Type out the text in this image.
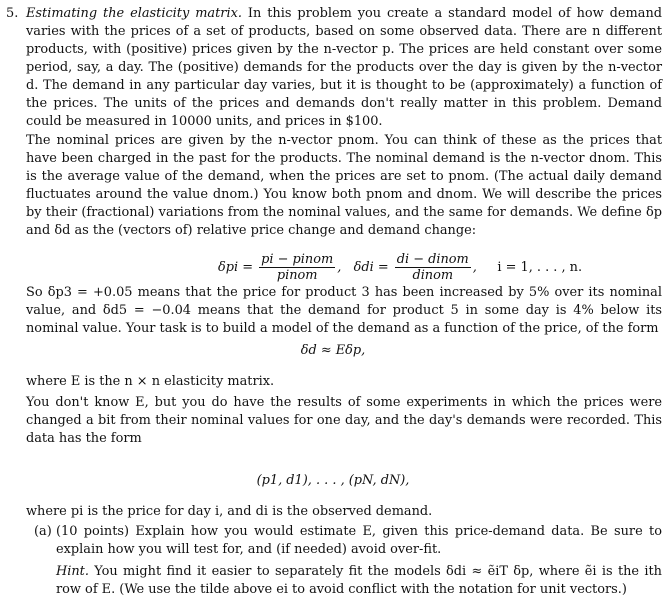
5. Estimating the elasticity matrix. In this problem you create a standard model of how demand varies with the prices of a set of products, based on some observed data. There are n different products, with (positive) prices given by the n-vector p. The prices are held constant over some period, say, a day. The (positive) demands for the products over the day is given by the n-vector d. The demand in any particular day varies, but it is thought to be (approximately) a function of the prices. The units of the prices and demands don't really matter in this problem. Demand could be measured in 10000 units, and prices in $100.
The nominal prices are given by the n-vector pnom. You can think of these as the prices that have been charged in the past for the products. The nominal demand is the n-vector dnom. This is the average value of the demand, when the prices are set to pnom. (The actual daily demand fluctuates around the value dnom.) You know both pnom and dnom. We will describe the prices by their (fractional) variations from the nominal values, and the same for demands. We define δp and δd as the (vectors of) relative price change and demand change:
$\delta pi = \frac{\text{pi − pinom}}{\text{pinom}}$ ,   $\delta di = \frac{\text{di − dinom}}{\text{dinom}}$ ,     i = 1, . . . , n.
So δp3 = +0.05 means that the price for product 3 has been increased by 5% over its nominal value, and δd5 = −0.04 means that the demand for product 5 in some day is 4% below its nominal value. Your task is to build a model of the demand as a function of the price, of the form
δd ≈ Eδp,
where E is the n × n elasticity matrix.
You don't know E, but you do have the results of some experiments in which the prices were changed a bit from their nominal values for one day, and the day's demands were recorded. This data has the form
(p1, d1), . . . , (pN, dN),
where pi is the price for day i, and di is the observed demand.
(a) (10 points) Explain how you would estimate E, given this price-demand data. Be sure to explain how you will test for, and (if needed) avoid over-fit.
Hint. You might find it easier to separately fit the models δdi ≈ ẽiT δp, where ẽi is the ith row of E. (We use the tilde above ei to avoid conflict with the notation for unit vectors.)
